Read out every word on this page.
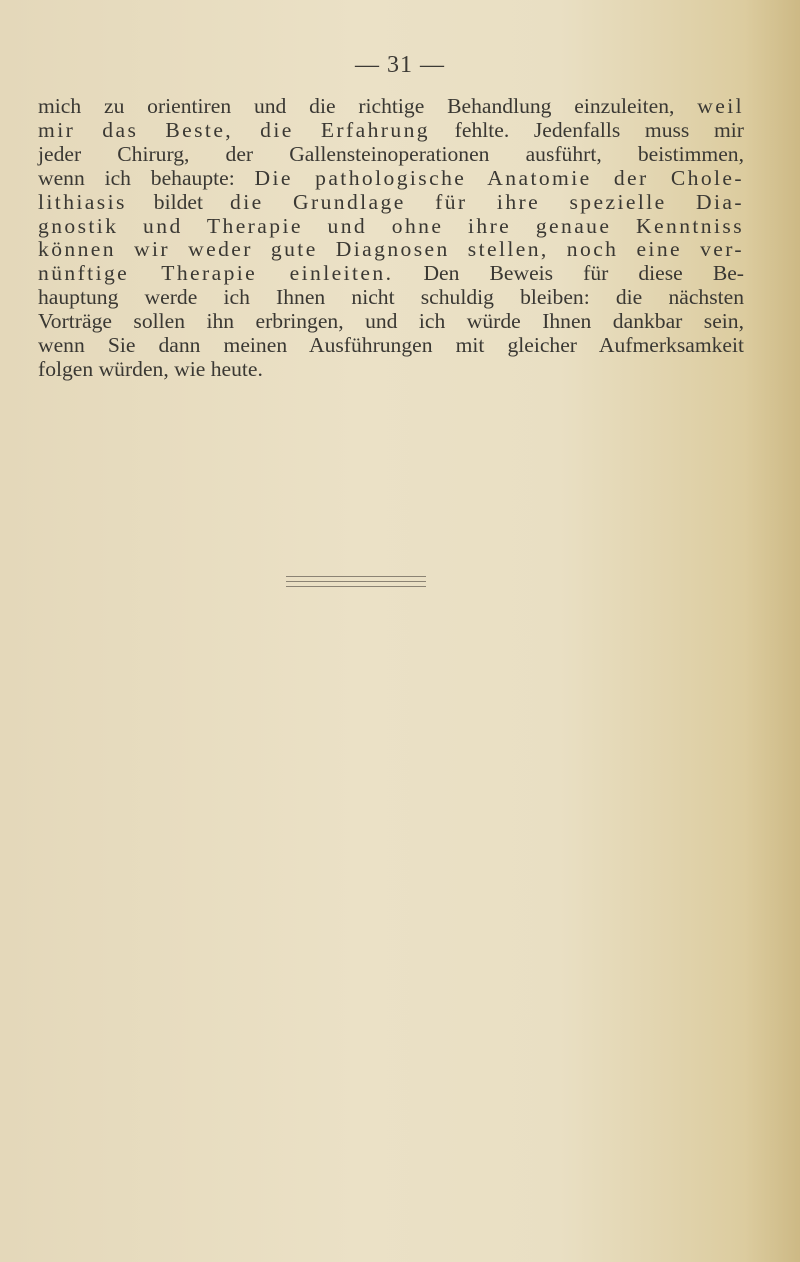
— 31 —
mich zu orientiren und die richtige Behandlung einzuleiten, weil
mir das Beste, die Erfahrung fehlte. Jedenfalls muss mir
jeder Chirurg, der Gallensteinoperationen ausführt, beistimmen,
wenn ich behaupte: Die pathologische Anatomie der Chole-
lithiasis bildet die Grundlage für ihre spezielle Dia-
gnostik und Therapie und ohne ihre genaue Kenntniss
können wir weder gute Diagnosen stellen, noch eine ver-
nünftige Therapie einleiten. Den Beweis für diese Be-
hauptung werde ich Ihnen nicht schuldig bleiben: die nächsten
Vorträge sollen ihn erbringen, und ich würde Ihnen dankbar sein,
wenn Sie dann meinen Ausführungen mit gleicher Aufmerksamkeit
folgen würden, wie heute.
